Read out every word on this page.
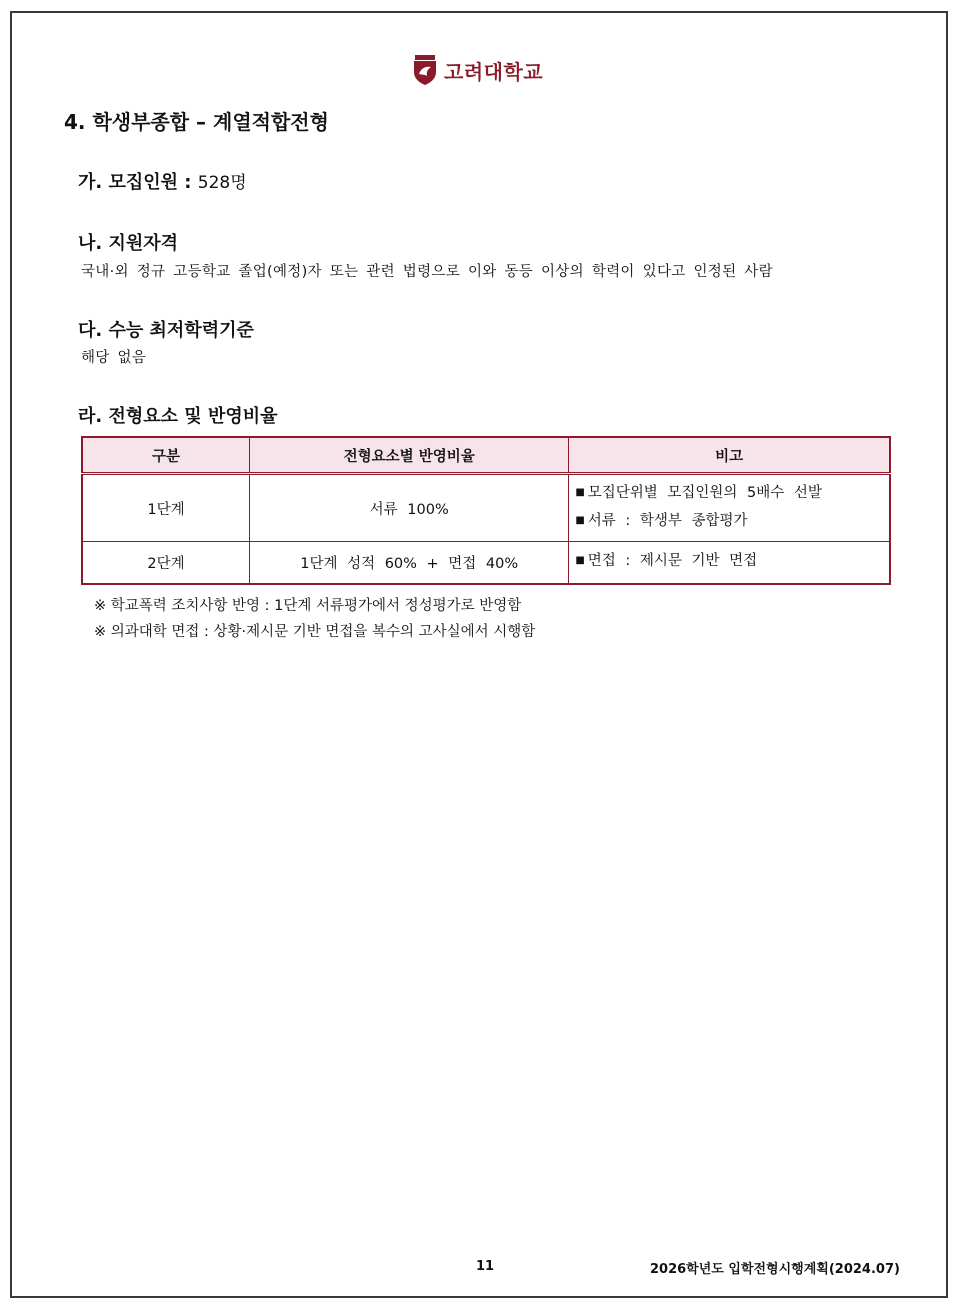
고려대학교
4. 학생부종합 – 계열적합전형
가. 모집인원 : 528명
나. 지원자격
국내·외 정규 고등학교 졸업(예정)자 또는 관련 법령으로 이와 동등 이상의 학력이 있다고 인정된 사람
다. 수능 최저학력기준
해당 없음
라. 전형요소 및 반영비율
구분	전형요소별 반영비율	비고
1단계	서류 100%	■ 모집단위별 모집인원의 5배수 선발
■ 서류 : 학생부 종합평가

2단계	1단계 성적 60% + 면접 40%	■ 면접 : 제시문 기반 면접
※ 학교폭력 조치사항 반영 : 1단계 서류평가에서 정성평가로 반영함
※ 의과대학 면접 : 상황·제시문 기반 면접을 복수의 고사실에서 시행함
11	2026학년도 입학전형시행계획(2024.07)
